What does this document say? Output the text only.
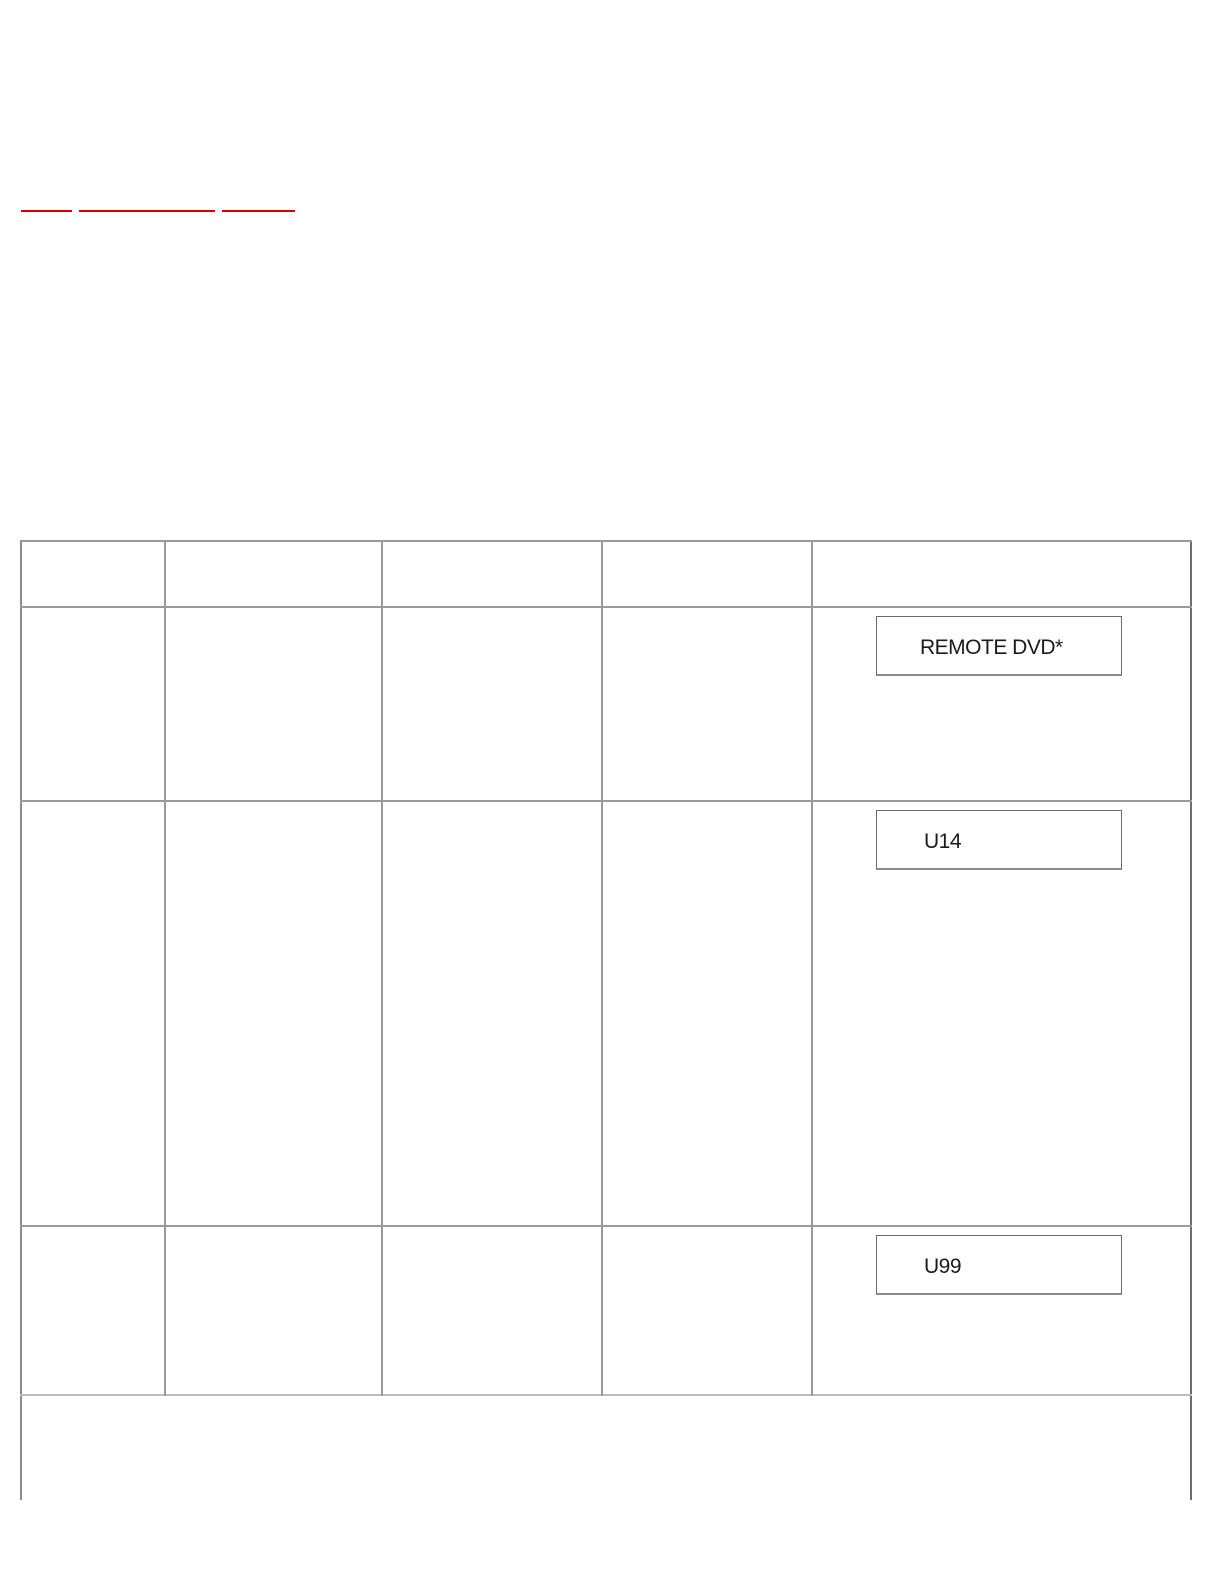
REMOTE DVD*
U14
U99
